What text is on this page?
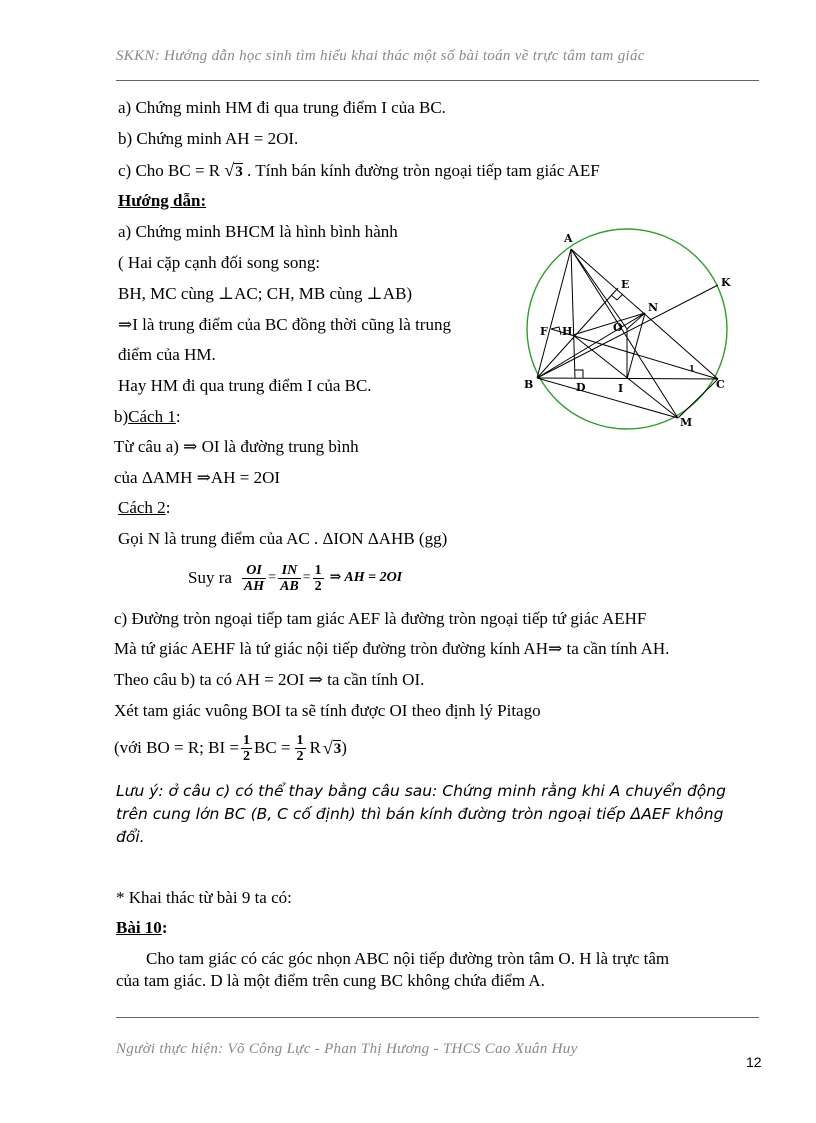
SKKN: Hướng dẫn học sinh tìm hiểu khai thác một số bài toán về trực tâm tam giác
a) Chứng minh HM đi qua trung điểm I của BC.
b) Chứng minh AH = 2OI.
c) Cho BC = R √3 . Tính bán kính đường tròn ngoại tiếp tam giác AEF
Hướng dẫn:
a) Chứng minh BHCM là hình bình hành
( Hai cặp cạnh đối song song:
BH, MC cùng ⊥AC; CH, MB cùng ⊥AB)
⇒I là trung điểm của BC đồng thời cũng là trung
điểm của HM.
Hay HM đi qua trung điểm I của BC.
b)Cách 1:
Từ câu a) ⇒ OI là đường trung bình
của ΔAMH ⇒AH = 2OI
Cách 2:
Gọi N là trung điểm của AC . ΔION ΔAHB (gg)
Suy ra $\frac{OI}{AH} = \frac{IN}{AB} = \frac{1}{2}$ ⇒ AH = 2OI
c) Đường tròn ngoại tiếp tam giác AEF là đường tròn ngoại tiếp tứ giác AEHF
Mà tứ giác AEHF là tứ giác nội tiếp đường tròn đường kính AH⇒ ta cần tính AH.
Theo câu b) ta có AH = 2OI ⇒ ta cần tính OI.
Xét tam giác vuông BOI ta sẽ tính được OI theo định lý Pitago
(với BO = R; BI = $\frac{1}{2}$ BC = $\frac{1}{2}$ R √ 3 )
Lưu ý: ở câu c) có thể thay bằng câu sau: Chứng minh rằng khi A chuyển động
trên cung lớn BC (B, C cố định) thì bán kính đường tròn ngoại tiếp ΔAEF không
đổi.
* Khai thác từ bài 9 ta có:
Bài 10:
Cho tam giác có các góc nhọn ABC nội tiếp đường tròn tâm O. H là trực tâm
của tam giác. D là một điểm trên cung BC không chứa điểm A.
Người thực hiện: Võ Công Lực - Phan Thị Hương - THCS Cao Xuân Huy
12
A
E	K
N
O
F H
B	D	I	C
M
1
